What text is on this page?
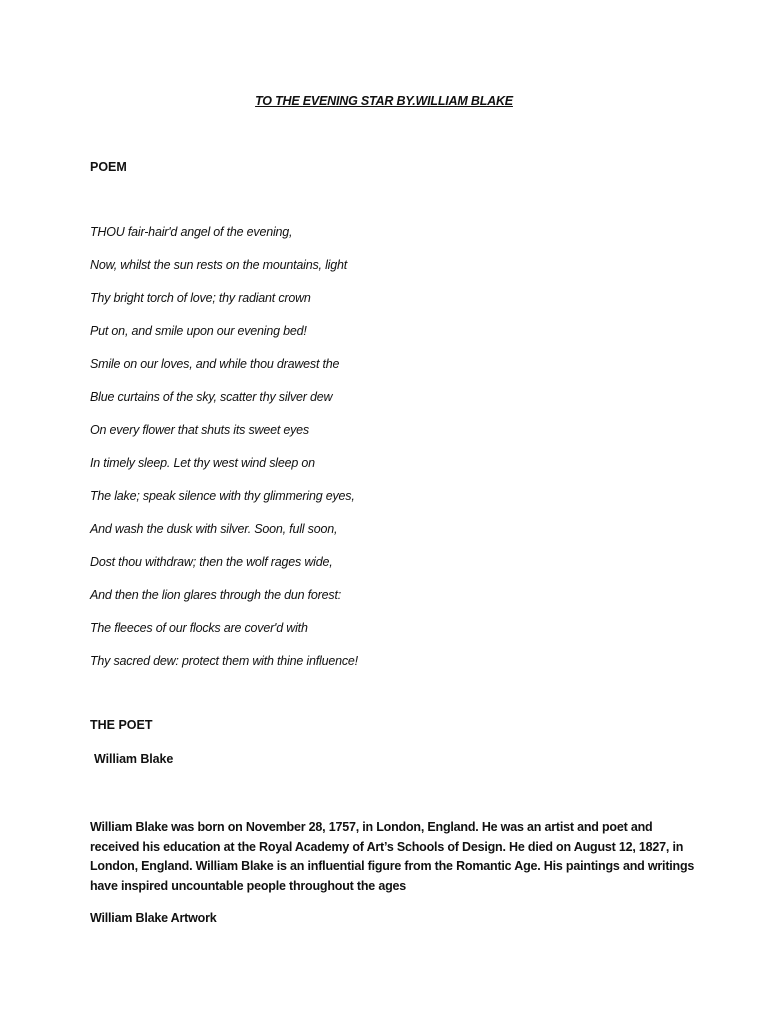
TO THE EVENING STAR BY.WILLIAM BLAKE
POEM
THOU fair-hair'd angel of the evening,
Now, whilst the sun rests on the mountains, light
Thy bright torch of love; thy radiant crown
Put on, and smile upon our evening bed!
Smile on our loves, and while thou drawest the
Blue curtains of the sky, scatter thy silver dew
On every flower that shuts its sweet eyes
In timely sleep. Let thy west wind sleep on
The lake; speak silence with thy glimmering eyes,
And wash the dusk with silver. Soon, full soon,
Dost thou withdraw; then the wolf rages wide,
And then the lion glares through the dun forest:
The fleeces of our flocks are cover'd with
Thy sacred dew: protect them with thine influence!
THE POET
William Blake
William Blake was born on November 28, 1757, in London, England. He was an artist and poet and
received his education at the Royal Academy of Art’s Schools of Design. He died on August 12, 1827, in
London, England. William Blake is an influential figure from the Romantic Age. His paintings and writings
have inspired uncountable people throughout the ages
William Blake Artwork
